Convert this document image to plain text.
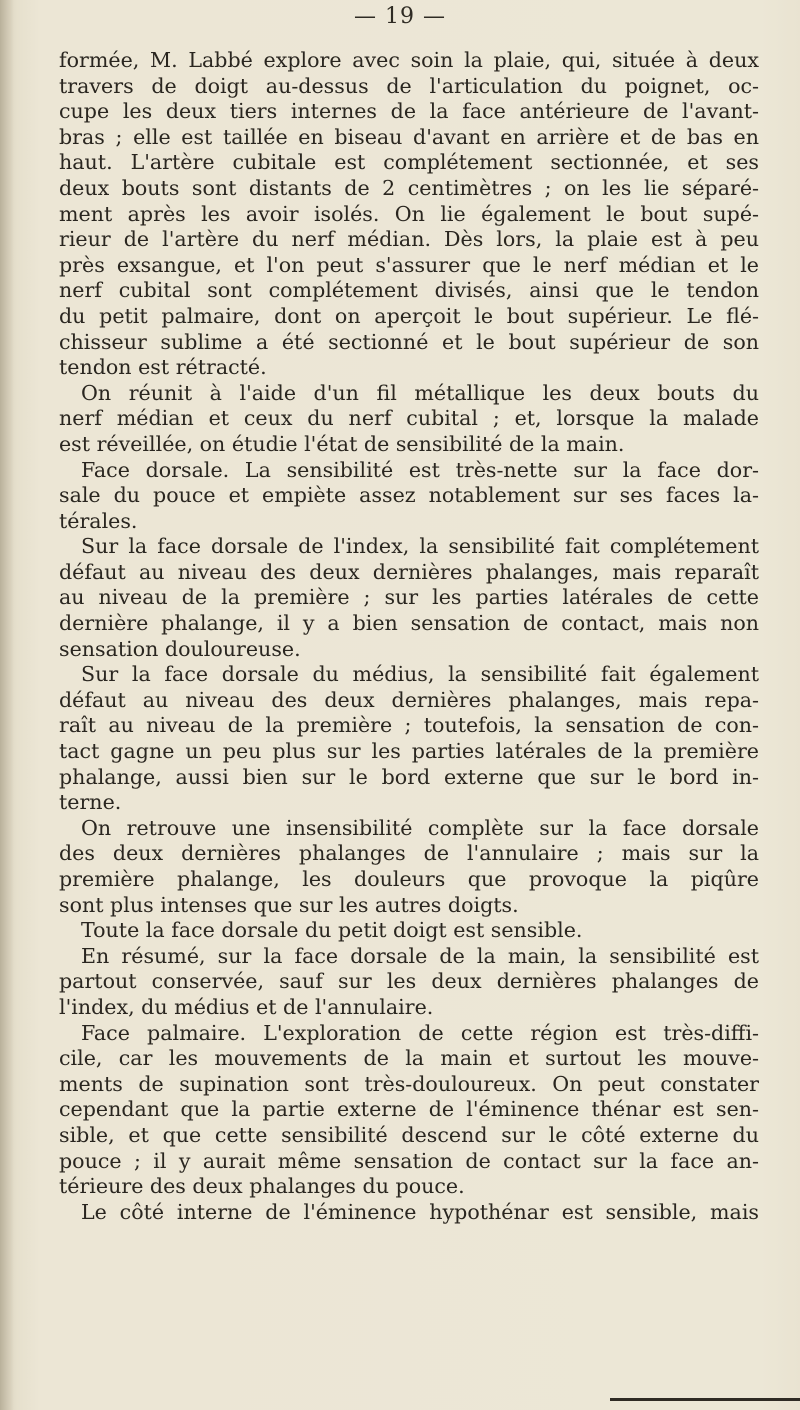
— 19 —
formée, M. Labbé explore avec soin la plaie, qui, située à deux
travers de doigt au-dessus de l'articulation du poignet, oc-
cupe les deux tiers internes de la face antérieure de l'avant-
bras ; elle est taillée en biseau d'avant en arrière et de bas en
haut. L'artère cubitale est complétement sectionnée, et ses
deux bouts sont distants de 2 centimètres ; on les lie séparé-
ment après les avoir isolés. On lie également le bout supé-
rieur de l'artère du nerf médian. Dès lors, la plaie est à peu
près exsangue, et l'on peut s'assurer que le nerf médian et le
nerf cubital sont complétement divisés, ainsi que le tendon
du petit palmaire, dont on aperçoit le bout supérieur. Le flé-
chisseur sublime a été sectionné et le bout supérieur de son
tendon est rétracté.
On réunit à l'aide d'un fil métallique les deux bouts du
nerf médian et ceux du nerf cubital ; et, lorsque la malade
est réveillée, on étudie l'état de sensibilité de la main.
Face dorsale. La sensibilité est très-nette sur la face dor-
sale du pouce et empiète assez notablement sur ses faces la-
térales.
Sur la face dorsale de l'index, la sensibilité fait complétement
défaut au niveau des deux dernières phalanges, mais reparaît
au niveau de la première ; sur les parties latérales de cette
dernière phalange, il y a bien sensation de contact, mais non
sensation douloureuse.
Sur la face dorsale du médius, la sensibilité fait également
défaut au niveau des deux dernières phalanges, mais repa-
raît au niveau de la première ; toutefois, la sensation de con-
tact gagne un peu plus sur les parties latérales de la première
phalange, aussi bien sur le bord externe que sur le bord in-
terne.
On retrouve une insensibilité complète sur la face dorsale
des deux dernières phalanges de l'annulaire ; mais sur la
première phalange, les douleurs que provoque la piqûre
sont plus intenses que sur les autres doigts.
Toute la face dorsale du petit doigt est sensible.
En résumé, sur la face dorsale de la main, la sensibilité est
partout conservée, sauf sur les deux dernières phalanges de
l'index, du médius et de l'annulaire.
Face palmaire. L'exploration de cette région est très-diffi-
cile, car les mouvements de la main et surtout les mouve-
ments de supination sont très-douloureux. On peut constater
cependant que la partie externe de l'éminence thénar est sen-
sible, et que cette sensibilité descend sur le côté externe du
pouce ; il y aurait même sensation de contact sur la face an-
térieure des deux phalanges du pouce.
Le côté interne de l'éminence hypothénar est sensible, mais
